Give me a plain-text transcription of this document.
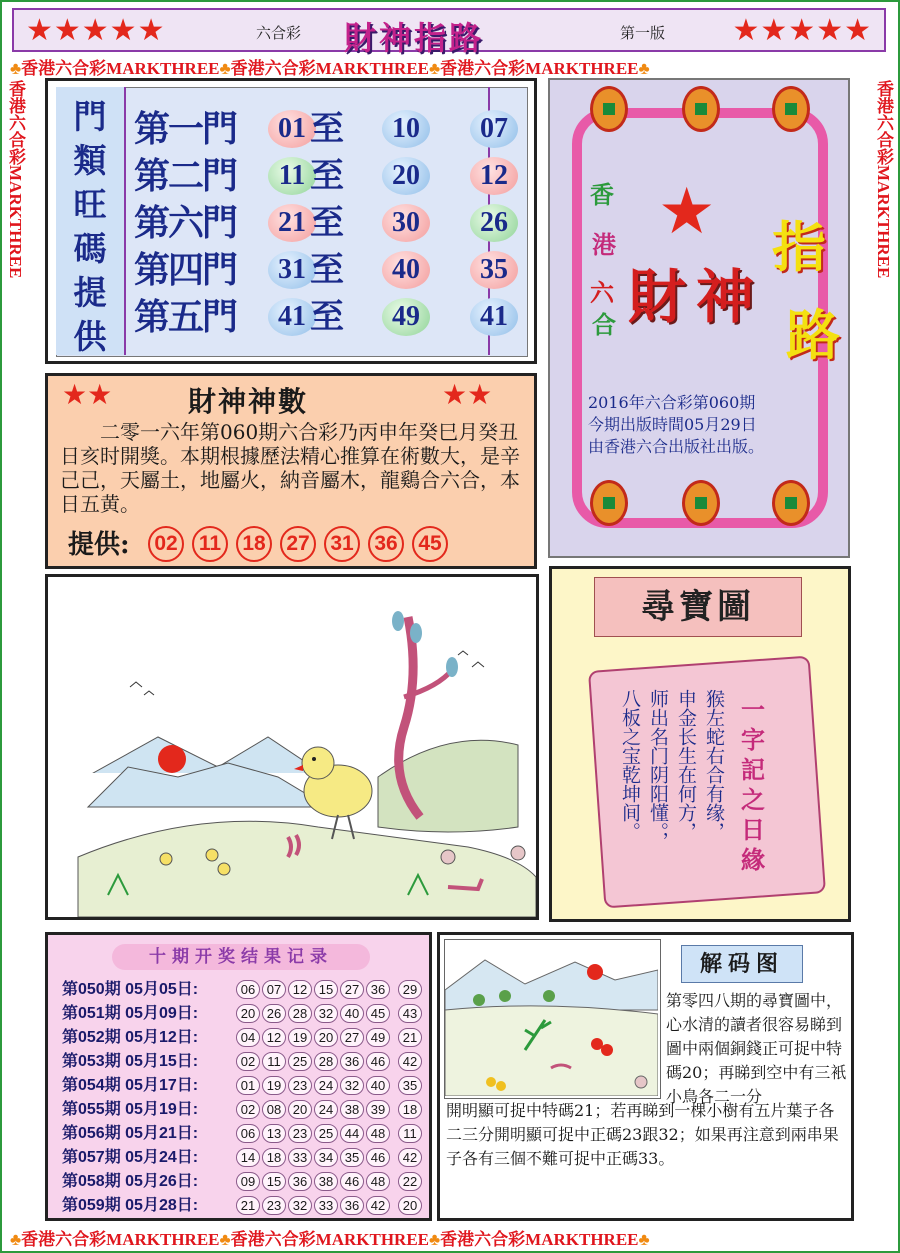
★★★★★	六合彩 財神指路	第一版 ★★★★★
♣香港六合彩MARKTHREE♣香港六合彩MARKTHREE♣香港六合彩MARKTHREE♣
♣香港六合彩MARKTHREE♣香港六合彩MARKTHREE♣香港六合彩MARKTHREE♣
香港六合彩MARKTHREE	香港六合彩MARKTHREE
門
類
旺
碼
提
供
第一門	01 至	10	07
第二門	11 至	20	12
第六門	21 至	30	26
第四門	31 至	40	35
第五門	41 至	49	41
★
香
港
六
合 財 神
指
路
2016年六合彩第060期
今期出版時間05月29日
由香港六合出版社出版。
★★	財神神數	★★
二零一六年第060期六合彩乃丙申年癸巳月癸丑日亥时開獎。本期根據歷法精心推算在術數大，是辛己己，天屬土，地屬火，納音屬木，龍鷄合六合，本日五黄。
提供:	02	11	18 27 31 36 45
尋寶圖
猴左蛇右合有缘，
申金长生在何方，
师出名门阴阳懂。，
八板之宝乾坤间。
一字記之日緣
十期开奖结果记录
第050期 05月05日:	06 07 12 15 27 36	29
第051期 05月09日:	20 26 28 32 40 45	43
第052期 05月12日:	04 12 19 20 27 49	21
第053期 05月15日:	02 11 25 28 36 46	42
第054期 05月17日:	01 19 23 24 32 40	35
第055期 05月19日:	02 08 20 24 38 39	18
第056期 05月21日:	06 13 23 25 44 48	11
第057期 05月24日:	14 18 33 34 35 46	42
第058期 05月26日:	09 15 36 38 46 48	22
第059期 05月28日:	21 23 32 33 36 42	20
解码图
第零四八期的尋寶圖中，心水清的讀者很容易睇到圖中兩個銅錢正可捉中特碼20；再睇到空中有三衹小鳥各二一分
開明顯可捉中特碼21；若再睇到一棵小樹有五片葉子各二三分開明顯可捉中正碼23跟32；如果再注意到兩串果子各有三個不難可捉中正碼33。
